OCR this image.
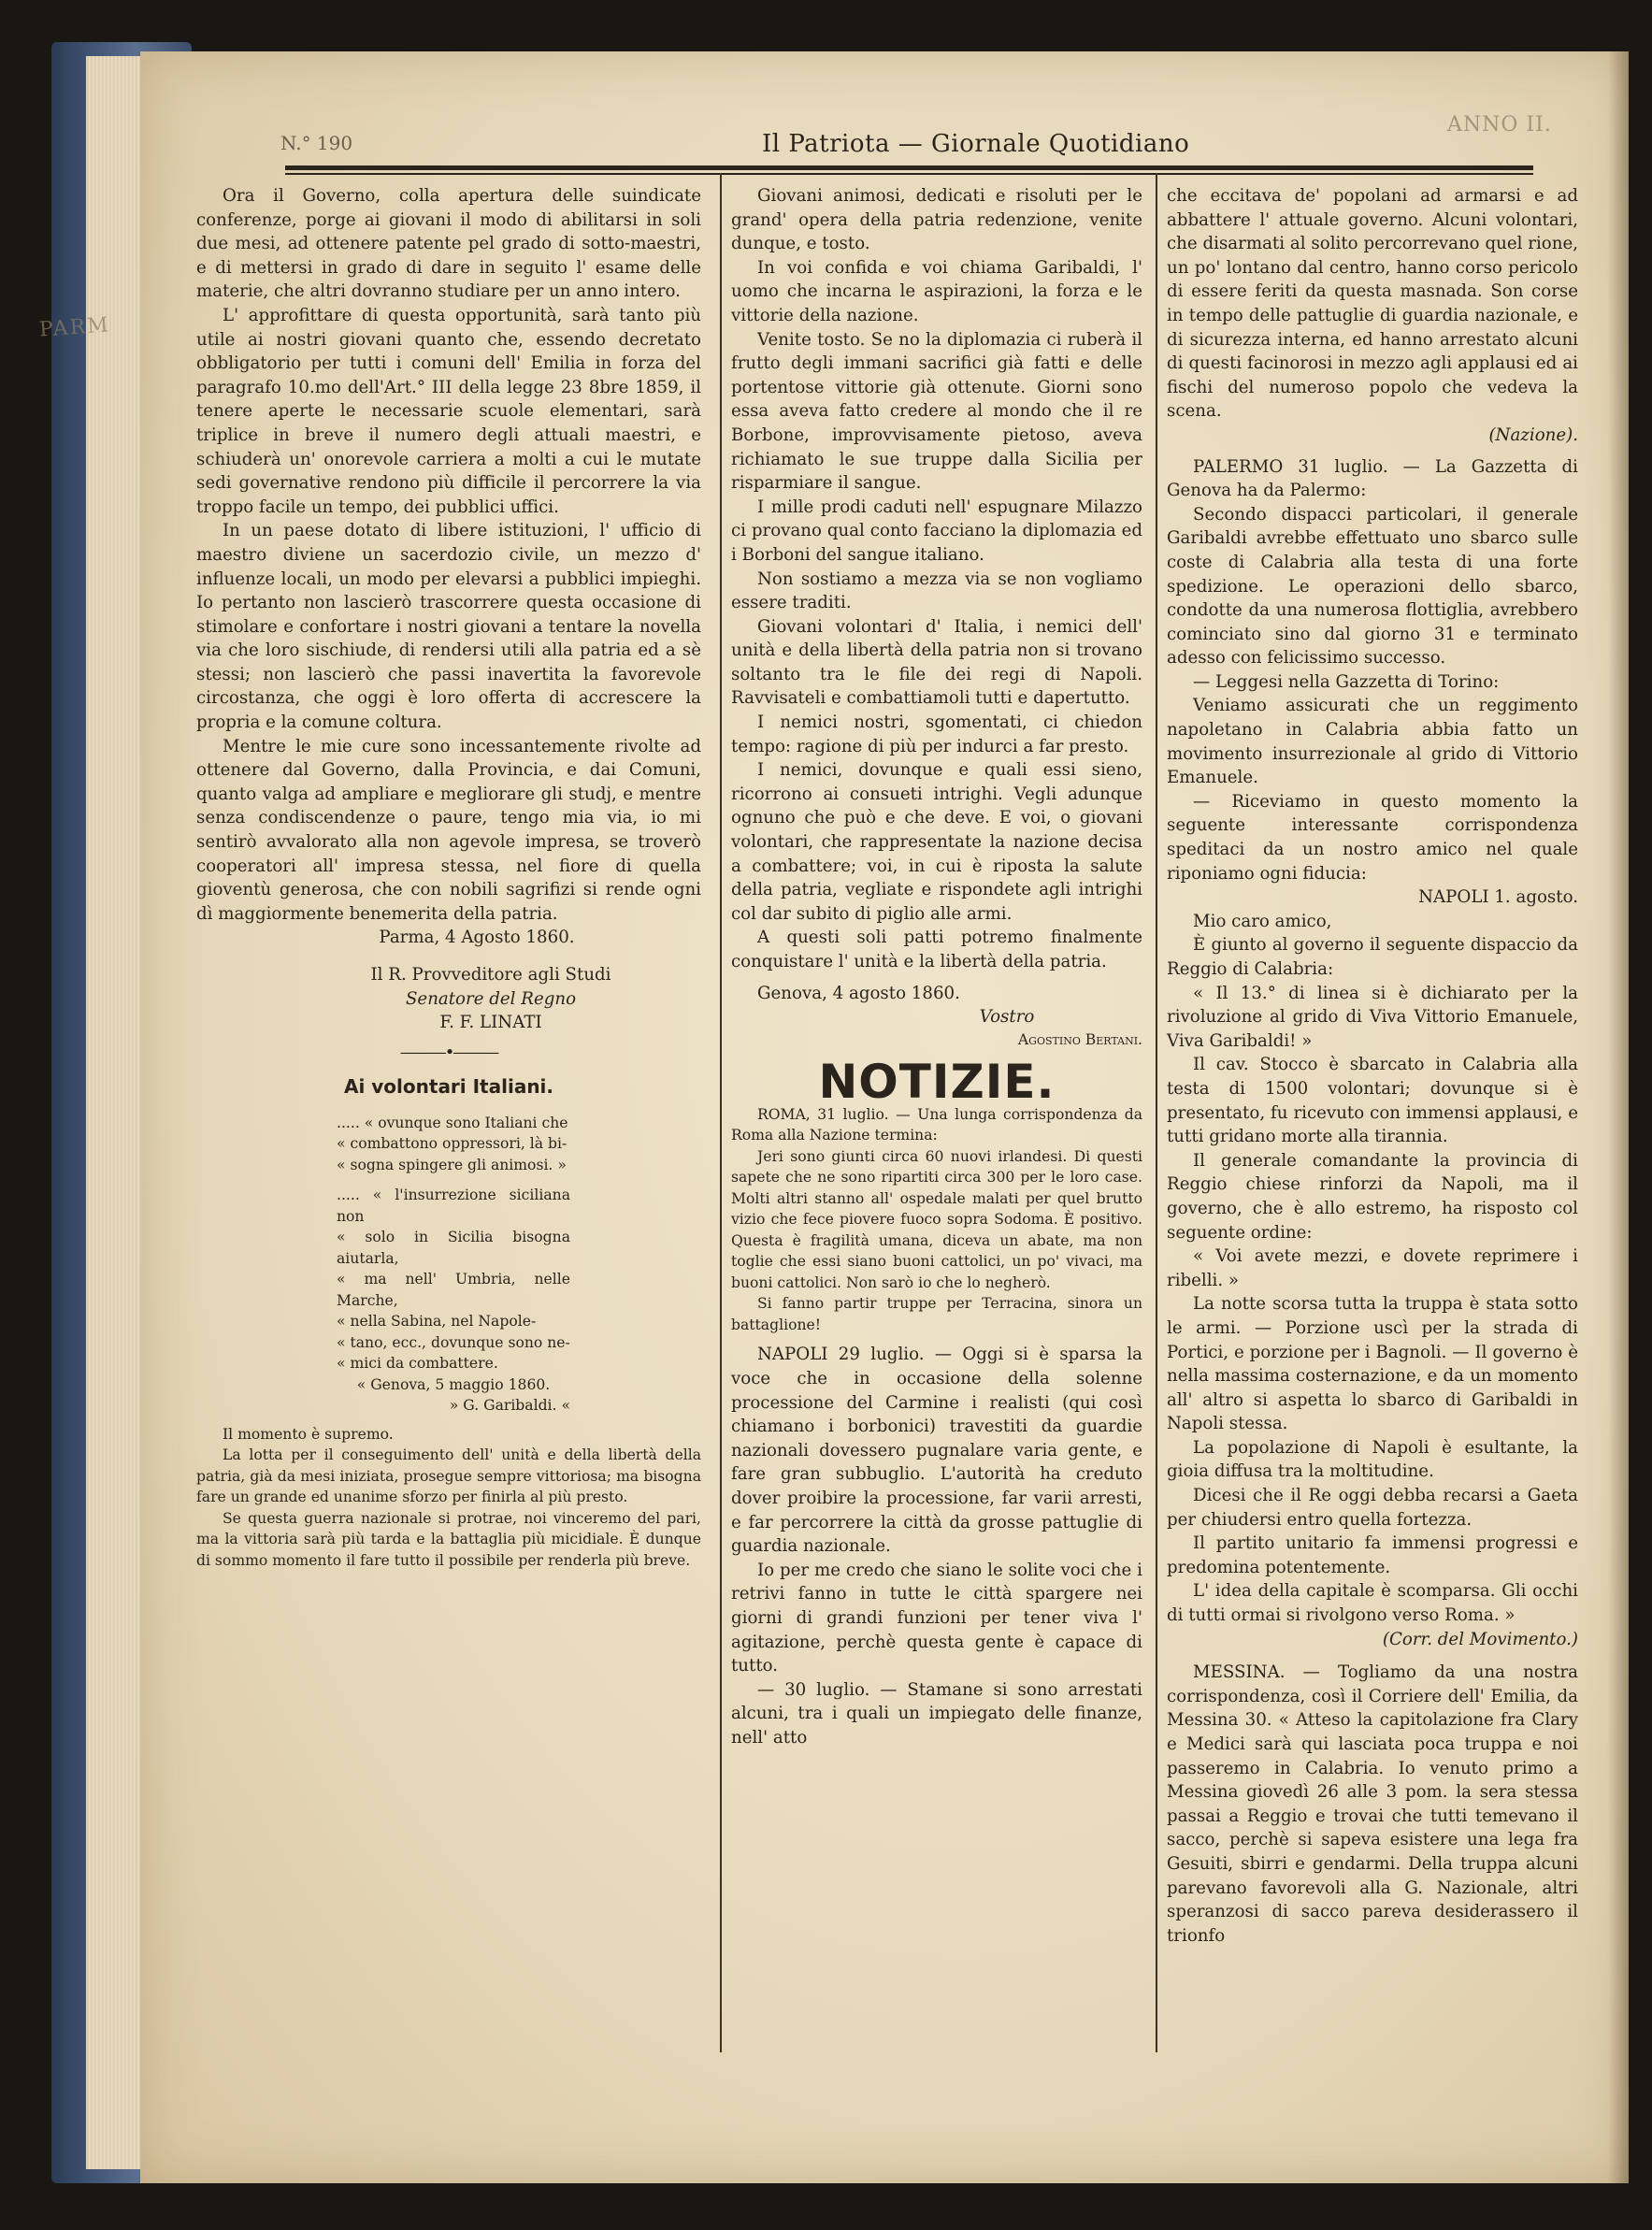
PARM
ANNO II.
N.° 190	Il Patriota — Giornale Quotidiano

Ora il Governo, colla apertura delle suindicate conferenze, porge ai giovani il modo di abilitarsi in soli due mesi, ad ottenere patente pel grado di sotto-maestri, e di mettersi in grado di dare in seguito l' esame delle materie, che altri dovranno studiare per un anno intero.

L' approfittare di questa opportunità, sarà tanto più utile ai nostri giovani quanto che, essendo decretato obbligatorio per tutti i comuni dell' Emilia in forza del paragrafo 10.mo dell'Art.° III della legge 23 8bre 1859, il tenere aperte le necessarie scuole elementari, sarà triplice in breve il numero degli attuali maestri, e schiuderà un' onorevole carriera a molti a cui le mutate sedi governative rendono più difficile il percorrere la via troppo facile un tempo, dei pubblici uffici.

In un paese dotato di libere istituzioni, l' ufficio di maestro diviene un sacerdozio civile, un mezzo d' influenze locali, un modo per elevarsi a pubblici impieghi. Io pertanto non lascierò trascorrere questa occasione di stimolare e confortare i nostri giovani a tentare la novella via che loro sischiude, di rendersi utili alla patria ed a sè stessi; non lascierò che passi inavertita la favorevole circostanza, che oggi è loro offerta di accrescere la propria e la comune coltura.

Mentre le mie cure sono incessantemente rivolte ad ottenere dal Governo, dalla Provincia, e dai Comuni, quanto valga ad ampliare e megliorare gli studj, e mentre senza condiscendenze o paure, tengo mia via, io mi sentirò avvalorato alla non agevole impresa, se troverò cooperatori all' impresa stessa, nel fiore di quella gioventù generosa, che con nobili sagrifizi si rende ogni dì maggiormente benemerita della patria.

Parma, 4 Agosto 1860.

Il R. Provveditore agli Studi

Senatore del Regno

F. F. LINATI

———•———
Ai volontari Italiani.

..... « ovunque sono Italiani che

« combattono oppressori, là bi-

« sogna spingere gli animosi. »

..... « l'insurrezione siciliana non

« solo in Sicilia bisogna aiutarla,

« ma nell' Umbria, nelle Marche,

« nella Sabina, nel Napole-

« tano, ecc., dovunque sono ne-

« mici da combattere.

« Genova, 5 maggio 1860.

» G. Garibaldi. «

Il momento è supremo.

La lotta per il conseguimento dell' unità e della libertà della patria, già da mesi iniziata, prosegue sempre vittoriosa; ma bisogna fare un grande ed unanime sforzo per finirla al più presto.

Se questa guerra nazionale si protrae, noi vinceremo del pari, ma la vittoria sarà più tarda e la battaglia più micidiale. È dunque di sommo momento il fare tutto il possibile per renderla più breve.

Giovani animosi, dedicati e risoluti per le grand' opera della patria redenzione, venite dunque, e tosto.

In voi confida e voi chiama Garibaldi, l' uomo che incarna le aspirazioni, la forza e le vittorie della nazione.

Venite tosto. Se no la diplomazia ci ruberà il frutto degli immani sacrifici già fatti e delle portentose vittorie già ottenute. Giorni sono essa aveva fatto credere al mondo che il re Borbone, improvvisamente pietoso, aveva richiamato le sue truppe dalla Sicilia per risparmiare il sangue.

I mille prodi caduti nell' espugnare Milazzo ci provano qual conto facciano la diplomazia ed i Borboni del sangue italiano.

Non sostiamo a mezza via se non vogliamo essere traditi.

Giovani volontari d' Italia, i nemici dell' unità e della libertà della patria non si trovano soltanto tra le file dei regi di Napoli. Ravvisateli e combattiamoli tutti e dapertutto.

I nemici nostri, sgomentati, ci chiedon tempo: ragione di più per indurci a far presto.

I nemici, dovunque e quali essi sieno, ricorrono ai consueti intrighi. Vegli adunque ognuno che può e che deve. E voi, o giovani volontari, che rappresentate la nazione decisa a combattere; voi, in cui è riposta la salute della patria, vegliate e rispondete agli intrighi col dar subito di piglio alle armi.

A questi soli patti potremo finalmente conquistare l' unità e la libertà della patria.

Genova, 4 agosto 1860.

Vostro

Agostino Bertani.

NOTIZIE.

ROMA, 31 luglio. — Una lunga corrispondenza da Roma alla Nazione termina:

Jeri sono giunti circa 60 nuovi irlandesi. Di questi sapete che ne sono ripartiti circa 300 per le loro case. Molti altri stanno all' ospedale malati per quel brutto vizio che fece piovere fuoco sopra Sodoma. È positivo. Questa è fragilità umana, diceva un abate, ma non toglie che essi siano buoni cattolici, un po' vivaci, ma buoni cattolici. Non sarò io che lo negherò.

Si fanno partir truppe per Terracina, sinora un battaglione!

NAPOLI 29 luglio. — Oggi si è sparsa la voce che in occasione della solenne processione del Carmine i realisti (qui così chiamano i borbonici) travestiti da guardie nazionali dovessero pugnalare varia gente, e fare gran subbuglio. L'autorità ha creduto dover proibire la processione, far varii arresti, e far percorrere la città da grosse pattuglie di guardia nazionale.

Io per me credo che siano le solite voci che i retrivi fanno in tutte le città spargere nei giorni di grandi funzioni per tener viva l' agitazione, perchè questa gente è capace di tutto.

— 30 luglio. — Stamane si sono arrestati alcuni, tra i quali un impiegato delle finanze, nell' atto

che eccitava de' popolani ad armarsi e ad abbattere l' attuale governo. Alcuni volontari, che disarmati al solito percorrevano quel rione, un po' lontano dal centro, hanno corso pericolo di essere feriti da questa masnada. Son corse in tempo delle pattuglie di guardia nazionale, e di sicurezza interna, ed hanno arrestato alcuni di questi facinorosi in mezzo agli applausi ed ai fischi del numeroso popolo che vedeva la scena.

(Nazione).

PALERMO 31 luglio. — La Gazzetta di Genova ha da Palermo:

Secondo dispacci particolari, il generale Garibaldi avrebbe effettuato uno sbarco sulle coste di Calabria alla testa di una forte spedizione. Le operazioni dello sbarco, condotte da una numerosa flottiglia, avrebbero cominciato sino dal giorno 31 e terminato adesso con felicissimo successo.

— Leggesi nella Gazzetta di Torino:

Veniamo assicurati che un reggimento napoletano in Calabria abbia fatto un movimento insurrezionale al grido di Vittorio Emanuele.

— Riceviamo in questo momento la seguente interessante corrispondenza speditaci da un nostro amico nel quale riponiamo ogni fiducia:

NAPOLI 1. agosto.

Mio caro amico,

È giunto al governo il seguente dispaccio da Reggio di Calabria:

« Il 13.° di linea si è dichiarato per la rivoluzione al grido di Viva Vittorio Emanuele, Viva Garibaldi! »

Il cav. Stocco è sbarcato in Calabria alla testa di 1500 volontari; dovunque si è presentato, fu ricevuto con immensi applausi, e tutti gridano morte alla tirannia.

Il generale comandante la provincia di Reggio chiese rinforzi da Napoli, ma il governo, che è allo estremo, ha risposto col seguente ordine:

« Voi avete mezzi, e dovete reprimere i ribelli. »

La notte scorsa tutta la truppa è stata sotto le armi. — Porzione uscì per la strada di Portici, e porzione per i Bagnoli. — Il governo è nella massima costernazione, e da un momento all' altro si aspetta lo sbarco di Garibaldi in Napoli stessa.

La popolazione di Napoli è esultante, la gioia diffusa tra la moltitudine.

Dicesi che il Re oggi debba recarsi a Gaeta per chiudersi entro quella fortezza.

Il partito unitario fa immensi progressi e predomina potentemente.

L' idea della capitale è scomparsa. Gli occhi di tutti ormai si rivolgono verso Roma. »

(Corr. del Movimento.)

MESSINA. — Togliamo da una nostra corrispondenza, così il Corriere dell' Emilia, da Messina 30. « Atteso la capitolazione fra Clary e Medici sarà qui lasciata poca truppa e noi passeremo in Calabria. Io venuto primo a Messina giovedì 26 alle 3 pom. la sera stessa passai a Reggio e trovai che tutti temevano il sacco, perchè si sapeva esistere una lega fra Gesuiti, sbirri e gendarmi. Della truppa alcuni parevano favorevoli alla G. Nazionale, altri speranzosi di sacco pareva desiderassero il trionfo
